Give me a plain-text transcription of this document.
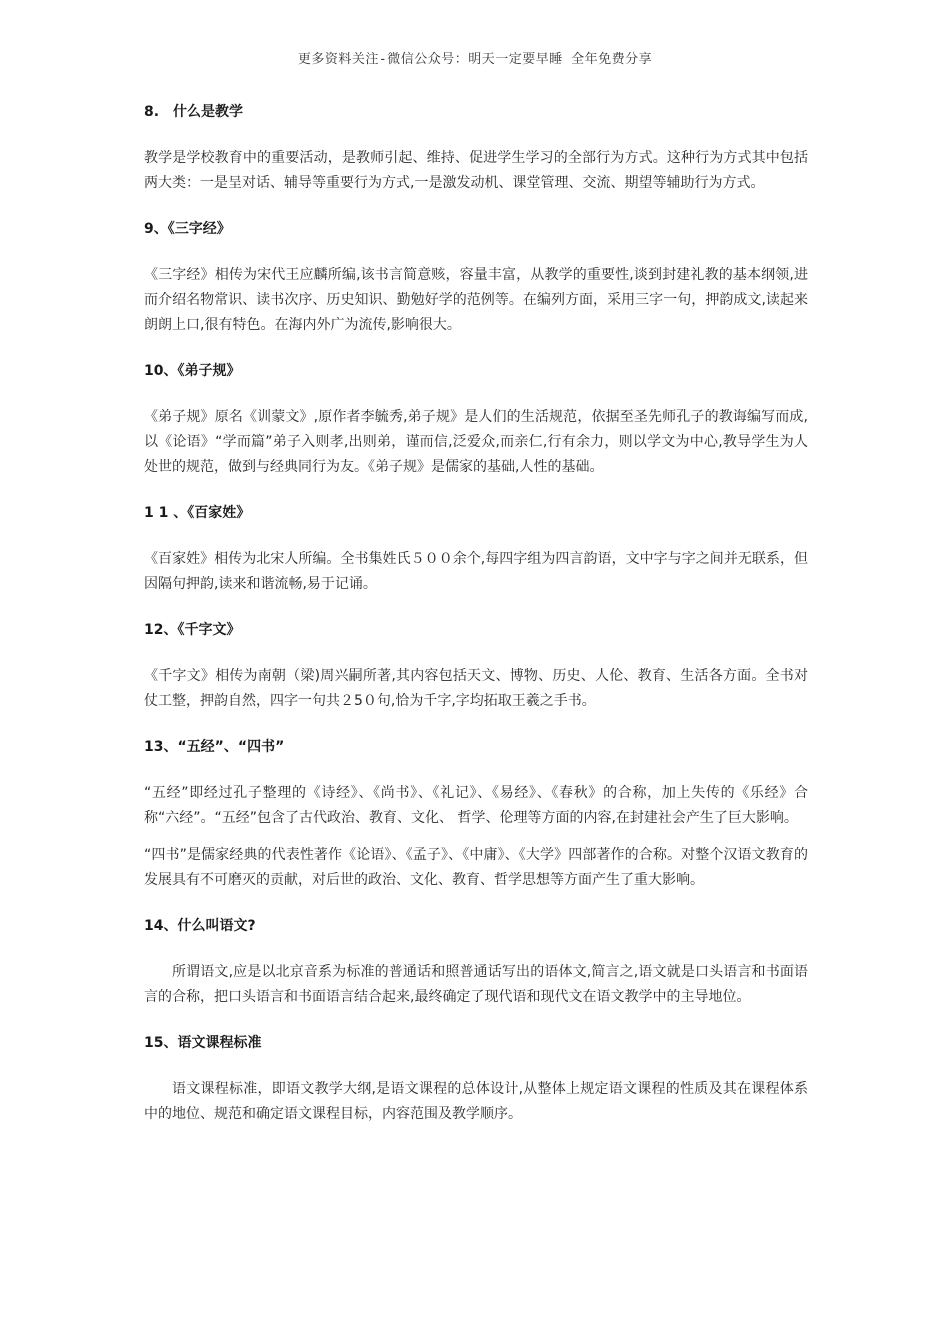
更多资料关注-微信公众号：明天一定要早睡 全年免费分享
8.　什么是教学

教学是学校教育中的重要活动，是教师引起、维持、促进学生学习的全部行为方式。这种行为方式其中包括两大类：一是呈对话、辅导等重要行为方式,一是激发动机、课堂管理、交流、期望等辅助行为方式。

9、《三字经》

《三字经》相传为宋代王应麟所编,该书言简意赅，容量丰富，从教学的重要性,谈到封建礼教的基本纲领,进而介绍名物常识、读书次序、历史知识、勤勉好学的范例等。在编列方面，采用三字一句，押韵成文,读起来朗朗上口,很有特色。在海内外广为流传,影响很大。

10、《弟子规》

《弟子规》原名《训蒙文》,原作者李毓秀,弟子规》是人们的生活规范，依据至圣先师孔子的教诲编写而成,以《论语》“学而篇”弟子入则孝,出则弟，谨而信,泛爱众,而亲仁,行有余力，则以学文为中心,教导学生为人处世的规范，做到与经典同行为友。《弟子规》是儒家的基础,人性的基础。

1 1 、《百家姓》

《百家姓》相传为北宋人所编。全书集姓氏５００余个,每四字组为四言韵语，文中字与字之间并无联系，但因隔句押韵,读来和谐流畅,易于记诵。

12、《千字文》

《千字文》相传为南朝（梁)周兴嗣所著,其内容包括天文、博物、历史、人伦、教育、生活各方面。全书对仗工整，押韵自然，四字一句共２5０句,恰为千字,字均拓取王羲之手书。

13、“五经”、“四书”

“五经”即经过孔子整理的《诗经》、《尚书》、《礼记》、《易经》、《春秋》的合称，加上失传的《乐经》合称“六经”。“五经”包含了古代政治、教育、文化、 哲学、伦理等方面的内容,在封建社会产生了巨大影响。

“四书”是儒家经典的代表性著作《论语》、《孟子》、《中庸》、《大学》四部著作的合称。对整个汉语文教育的发展具有不可磨灭的贡献，对后世的政治、文化、教育、哲学思想等方面产生了重大影响。

14、什么叫语文?

所谓语文,应是以北京音系为标准的普通话和照普通话写出的语体文,简言之,语文就是口头语言和书面语言的合称，把口头语言和书面语言结合起来,最终确定了现代语和现代文在语文教学中的主导地位。

15、语文课程标准

语文课程标准，即语文教学大纲,是语文课程的总体设计,从整体上规定语文课程的性质及其在课程体系中的地位、规范和确定语文课程目标，内容范围及教学顺序。
